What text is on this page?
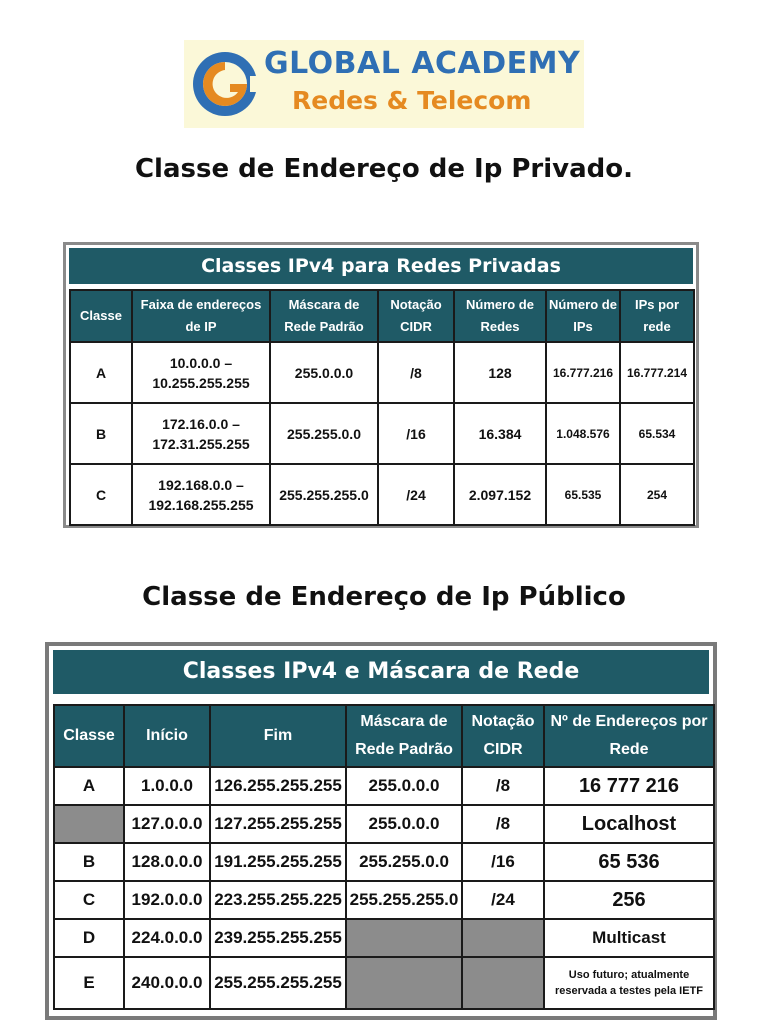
GLOBAL ACADEMY
Redes & Telecom
Classe de Endereço de Ip Privado.
Classes IPv4 para Redes Privadas
Classe	Faixa de endereços de IP	Máscara de Rede Padrão	Notação CIDR	Número de Redes	Número de IPs	IPs por rede
A	10.0.0.0 –
10.255.255.255	255.0.0.0	/8	128	16.777.216	16.777.214
B	172.16.0.0 –
172.31.255.255	255.255.0.0	/16	16.384	1.048.576	65.534
C	192.168.0.0 –
192.168.255.255	255.255.255.0	/24	2.097.152	65.535	254
Classe de Endereço de Ip Público
Classes IPv4 e Máscara de Rede
Classe	Início	Fim	Máscara de Rede Padrão	Notação CIDR	Nº de Endereços por Rede
A	1.0.0.0	126.255.255.255	255.0.0.0	/8	16 777 216
	127.0.0.0	127.255.255.255	255.0.0.0	/8	Localhost
B	128.0.0.0	191.255.255.255	255.255.0.0	/16	65 536
C	192.0.0.0	223.255.255.225	255.255.255.0	/24	256
D	224.0.0.0	239.255.255.255			Multicast
E	240.0.0.0	255.255.255.255			Uso futuro; atualmente reservada a testes pela IETF
